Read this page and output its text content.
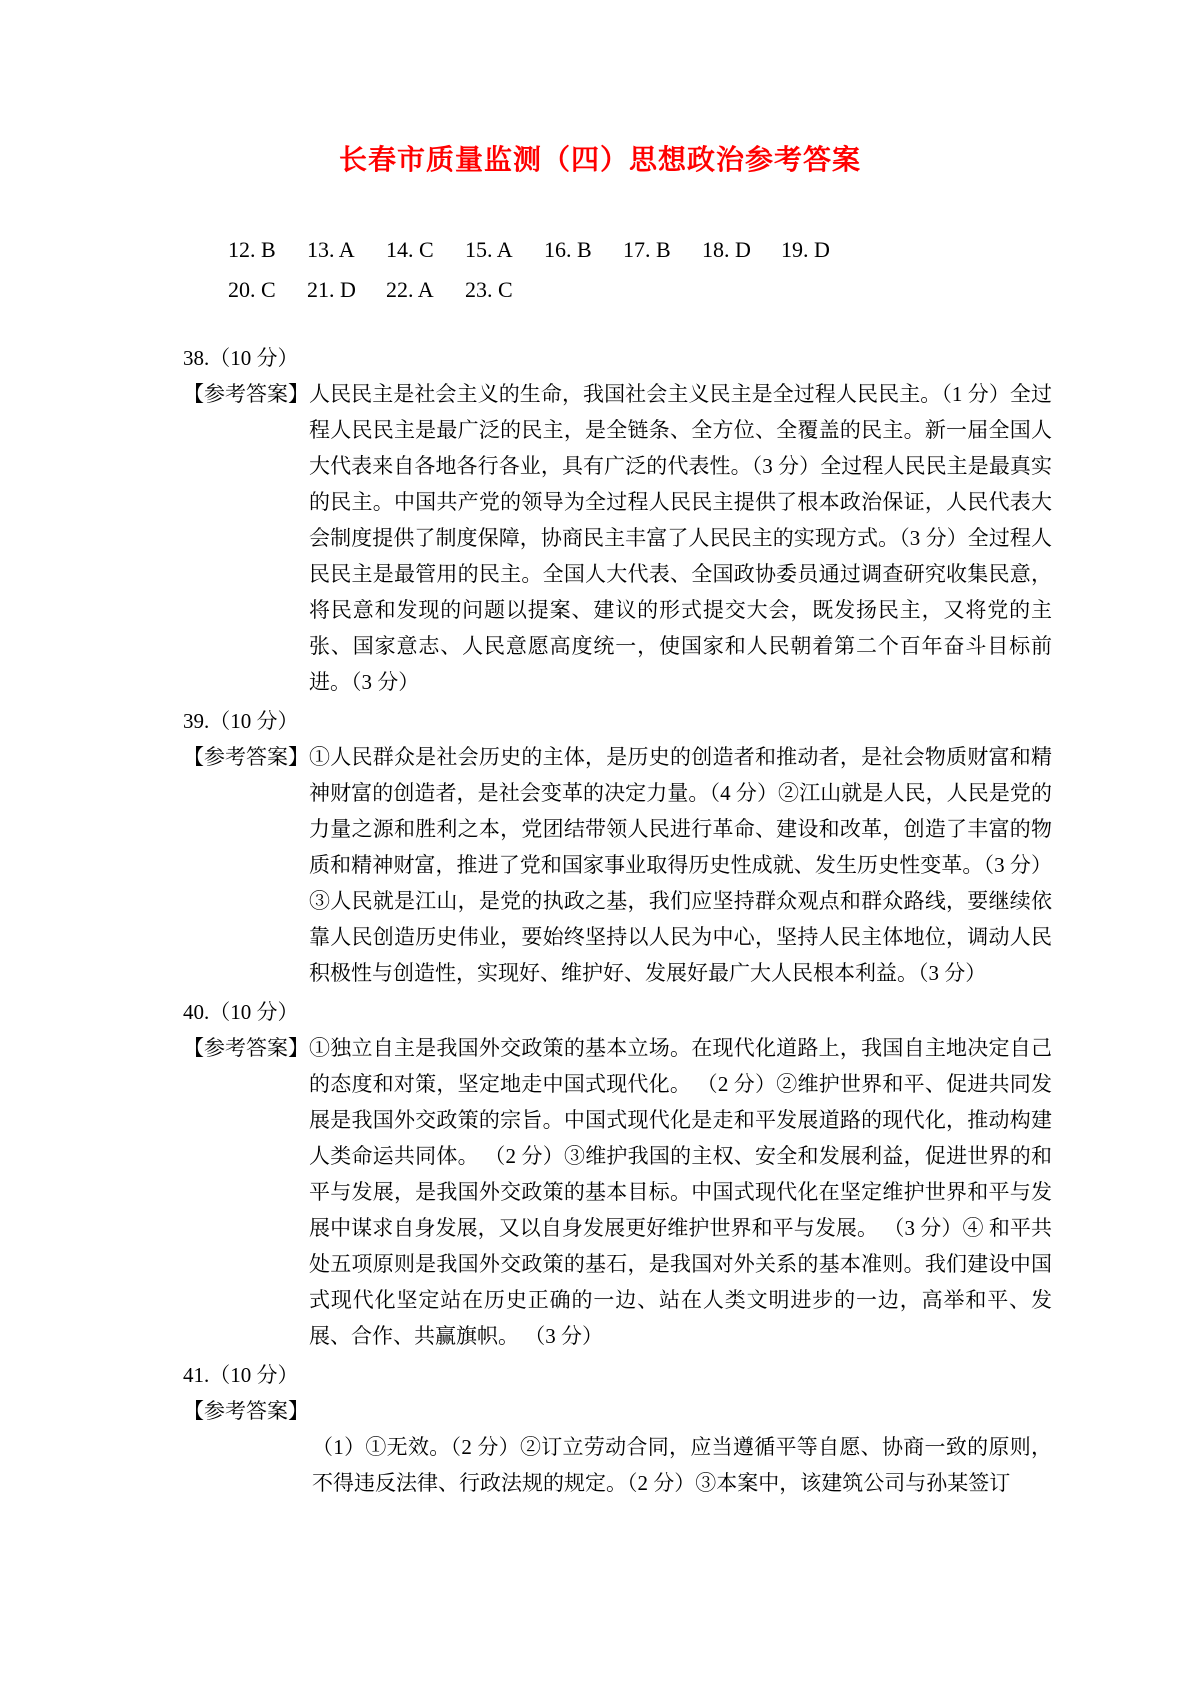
长春市质量监测（四）思想政治参考答案
12. B	13. A	14. C	15. A	16. B	17. B	18. D	19. D
20. C	21. D	22. A	23. C
38.（10 分）
【参考答案】 人民民主是社会主义的生命，我国社会主义民主是全过程人民民主。（1 分）全过程人民民主是最广泛的民主，是全链条、全方位、全覆盖的民主。新一届全国人大代表来自各地各行各业，具有广泛的代表性。（3 分）全过程人民民主是最真实的民主。中国共产党的领导为全过程人民民主提供了根本政治保证，人民代表大会制度提供了制度保障，协商民主丰富了人民民主的实现方式。（3 分）全过程人民民主是最管用的民主。全国人大代表、全国政协委员通过调查研究收集民意，将民意和发现的问题以提案、建议的形式提交大会，既发扬民主，又将党的主张、国家意志、人民意愿高度统一，使国家和人民朝着第二个百年奋斗目标前进。（3 分）

39.（10 分）
【参考答案】 ①人民群众是社会历史的主体，是历史的创造者和推动者，是社会物质财富和精神财富的创造者，是社会变革的决定力量。（4 分）②江山就是人民，人民是党的力量之源和胜利之本，党团结带领人民进行革命、建设和改革，创造了丰富的物质和精神财富，推进了党和国家事业取得历史性成就、发生历史性变革。（3 分）③人民就是江山，是党的执政之基，我们应坚持群众观点和群众路线，要继续依靠人民创造历史伟业，要始终坚持以人民为中心，坚持人民主体地位，调动人民积极性与创造性，实现好、维护好、发展好最广大人民根本利益。（3 分）

40.（10 分）
【参考答案】 ①独立自主是我国外交政策的基本立场。在现代化道路上，我国自主地决定自己的态度和对策，坚定地走中国式现代化。 （2 分）②维护世界和平、促进共同发展是我国外交政策的宗旨。中国式现代化是走和平发展道路的现代化，推动构建人类命运共同体。 （2 分）③维护我国的主权、安全和发展利益，促进世界的和平与发展，是我国外交政策的基本目标。中国式现代化在坚定维护世界和平与发展中谋求自身发展，又以自身发展更好维护世界和平与发展。 （3 分）④ 和平共处五项原则是我国外交政策的基石，是我国对外关系的基本准则。我们建设中国式现代化坚定站在历史正确的一边、站在人类文明进步的一边，高举和平、发展、合作、共赢旗帜。 （3 分）

41.（10 分）
【参考答案】

（1）①无效。（2 分）②订立劳动合同，应当遵循平等自愿、协商一致的原则，不得违反法律、行政法规的规定。（2 分）③本案中，该建筑公司与孙某签订
